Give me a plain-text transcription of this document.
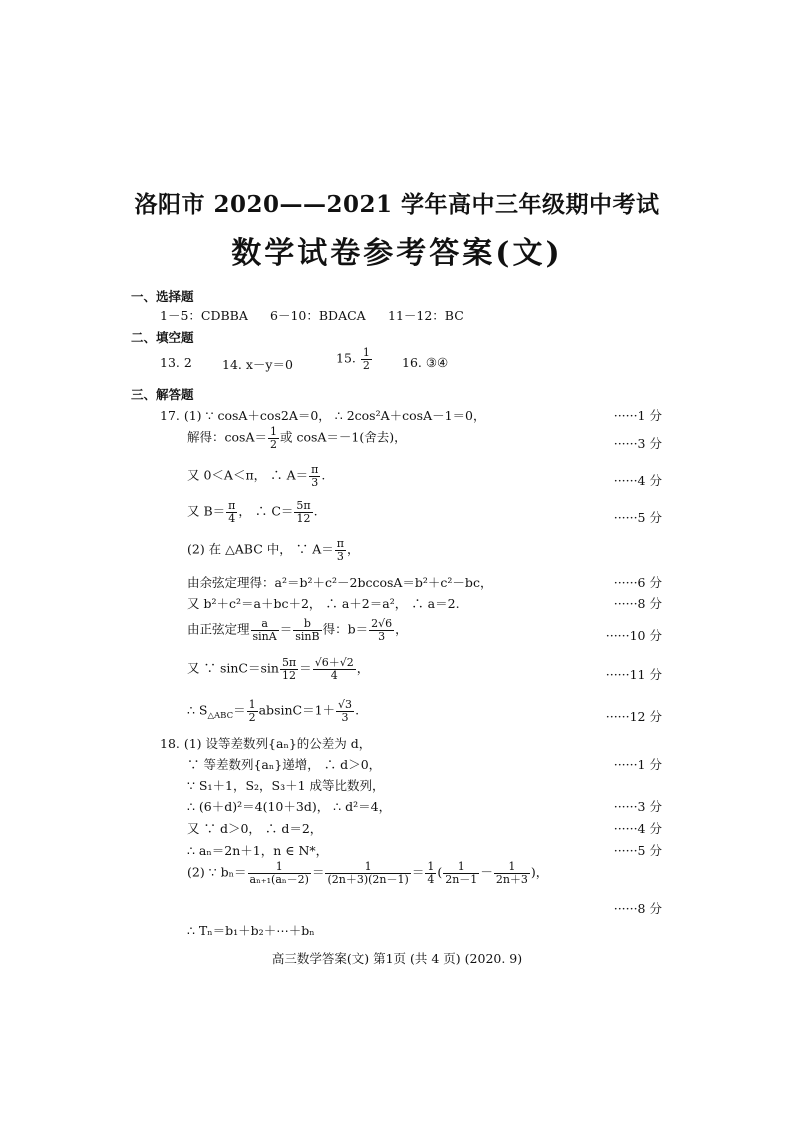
洛阳市 2020——2021 学年高中三年级期中考试
数学试卷参考答案(文)
一、选择题
1－5：CDBBA 6－10：BDACA 11－12：BC
二、填空题
13. 2 14. x－y＝0	15. $\frac{1}{2} 16$. ③④
三、解答题
17. (1) ∵ cosA＋cos2A＝0， ∴ 2cos²A＋cosA－1＝0，	······1 分
解得：$\cos A= \frac{1}{2}$ 或 cosA＝－1(舍去)，	······3 分
又 0＜A＜π， ∴ $A= \frac{\pi}{3}$ .	······4 分
又 $B= \frac{\pi}{4}$ ， ∴ $C= \frac{5\pi}{12}$ .	······5 分
(2) 在 △ABC 中， ∵ $A= \frac{\pi}{3}$ ，
由余弦定理得：a²＝b²＋c²－2bccosA＝b²＋c²－bc，	······6 分
又 b²＋c²＝a＋bc＋2， ∴ a＋2＝a²， ∴ a＝2.	······8 分
由正弦定理 $\frac{a}{\sin A} = \frac{b}{\sin B}$ 得：$b= \frac{2√6}{3}$ ，	······10 分
又 ∵ $\sin C=\sin \frac{5\pi}{12} = \frac{√6+√2}{4}$ ，	······11 分
∴ $S_{\triangle ABC}= \frac{1}{2} absinC=1+ \frac{√3}{3}$ .	······12 分
18. (1) 设等差数列{aₙ}的公差为 d，
∵ 等差数列{aₙ}递增， ∴ d＞0，	······1 分
∵ S₁＋1，S₂，S₃＋1 成等比数列，
∴ (6＋d)²＝4(10＋3d)， ∴ d²＝4，	······3 分
又 ∵ d＞0， ∴ d＝2，	······4 分
∴ aₙ＝2n＋1，n ∈ N*，	······5 分
(2) ∵ $b_n= \frac{1}{\text{aₙ₊₁(aₙ－2)}} = \frac{1}{(2n+3)(2n-1)} = \frac{1}{4}$ ( $\frac{1}{2n-1} - \frac{1}{2n+3}$ )，
······8 分
∴ Tₙ＝b₁＋b₂＋⋯＋bₙ
高三数学答案(文) 第1页 (共 4 页) (2020. 9)
